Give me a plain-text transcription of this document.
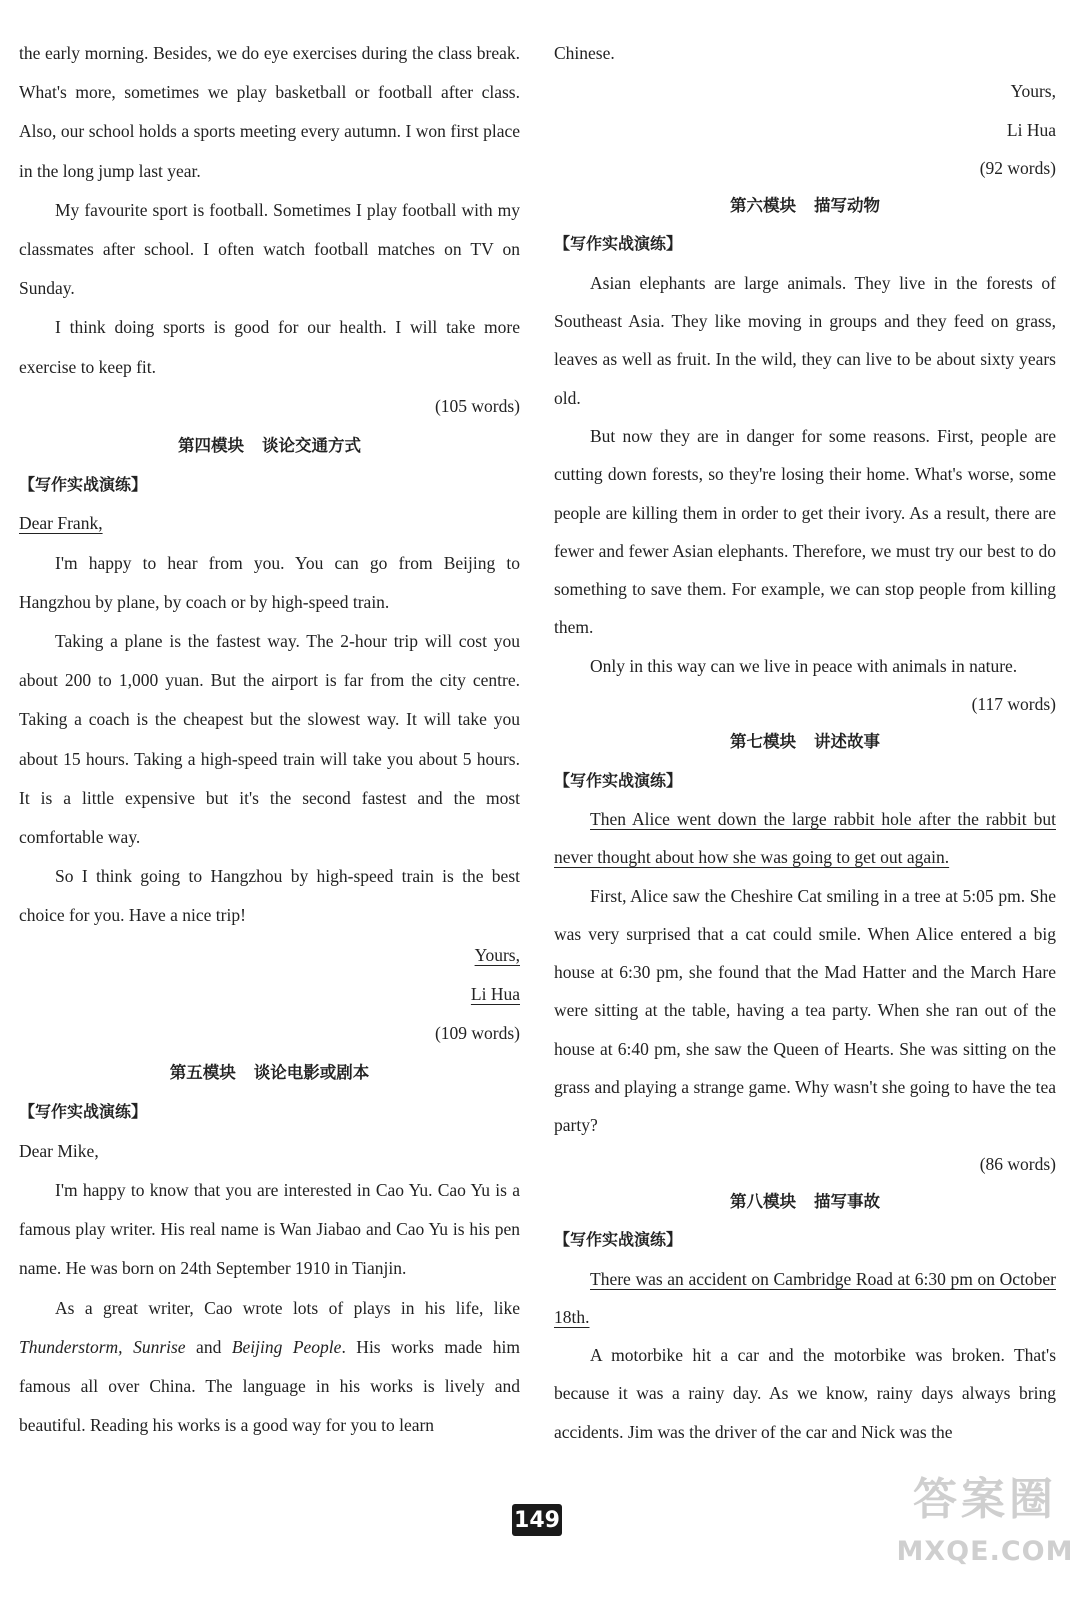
the early morning. Besides, we do eye exercises during the class break. What's more, sometimes we play basketball or football after class. Also, our school holds a sports meeting every autumn. I won first place in the long jump last year.

My favourite sport is football. Sometimes I play football with my classmates after school. I often watch football matches on TV on Sunday.

I think doing sports is good for our health. I will take more exercise to keep fit.

(105 words)

第四模块 谈论交通方式

【写作实战演练】

Dear Frank,

I'm happy to hear from you. You can go from Beijing to Hangzhou by plane, by coach or by high-speed train.

Taking a plane is the fastest way. The 2-hour trip will cost you about 200 to 1,000 yuan. But the airport is far from the city centre. Taking a coach is the cheapest but the slowest way. It will take you about 15 hours. Taking a high-speed train will take you about 5 hours. It is a little expensive but it's the second fastest and the most comfortable way.

So I think going to Hangzhou by high-speed train is the best choice for you. Have a nice trip!

Yours,

Li Hua

(109 words)

第五模块 谈论电影或剧本

【写作实战演练】

Dear Mike,

I'm happy to know that you are interested in Cao Yu. Cao Yu is a famous play writer. His real name is Wan Jiabao and Cao Yu is his pen name. He was born on 24th September 1910 in Tianjin.

As a great writer, Cao wrote lots of plays in his life, like Thunderstorm, Sunrise and Beijing People. His works made him famous all over China. The language in his works is lively and beautiful. Reading his works is a good way for you to learn

Chinese.

Yours,

Li Hua

(92 words)

第六模块 描写动物

【写作实战演练】

Asian elephants are large animals. They live in the forests of Southeast Asia. They like moving in groups and they feed on grass, leaves as well as fruit. In the wild, they can live to be about sixty years old.

But now they are in danger for some reasons. First, people are cutting down forests, so they're losing their home. What's worse, some people are killing them in order to get their ivory. As a result, there are fewer and fewer Asian elephants. Therefore, we must try our best to do something to save them. For example, we can stop people from killing them.

Only in this way can we live in peace with animals in nature.

(117 words)

第七模块 讲述故事

【写作实战演练】

Then Alice went down the large rabbit hole after the rabbit but never thought about how she was going to get out again.

First, Alice saw the Cheshire Cat smiling in a tree at 5:05 pm. She was very surprised that a cat could smile. When Alice entered a big house at 6:30 pm, she found that the Mad Hatter and the March Hare were sitting at the table, having a tea party. When she ran out of the house at 6:40 pm, she saw the Queen of Hearts. She was sitting on the grass and playing a strange game. Why wasn't she going to have the tea party?

(86 words)

第八模块 描写事故

【写作实战演练】

There was an accident on Cambridge Road at 6:30 pm on October 18th.

A motorbike hit a car and the motorbike was broken. That's because it was a rainy day. As we know, rainy days always bring accidents. Jim was the driver of the car and Nick was the

149	答案圈
MXQE.COM
